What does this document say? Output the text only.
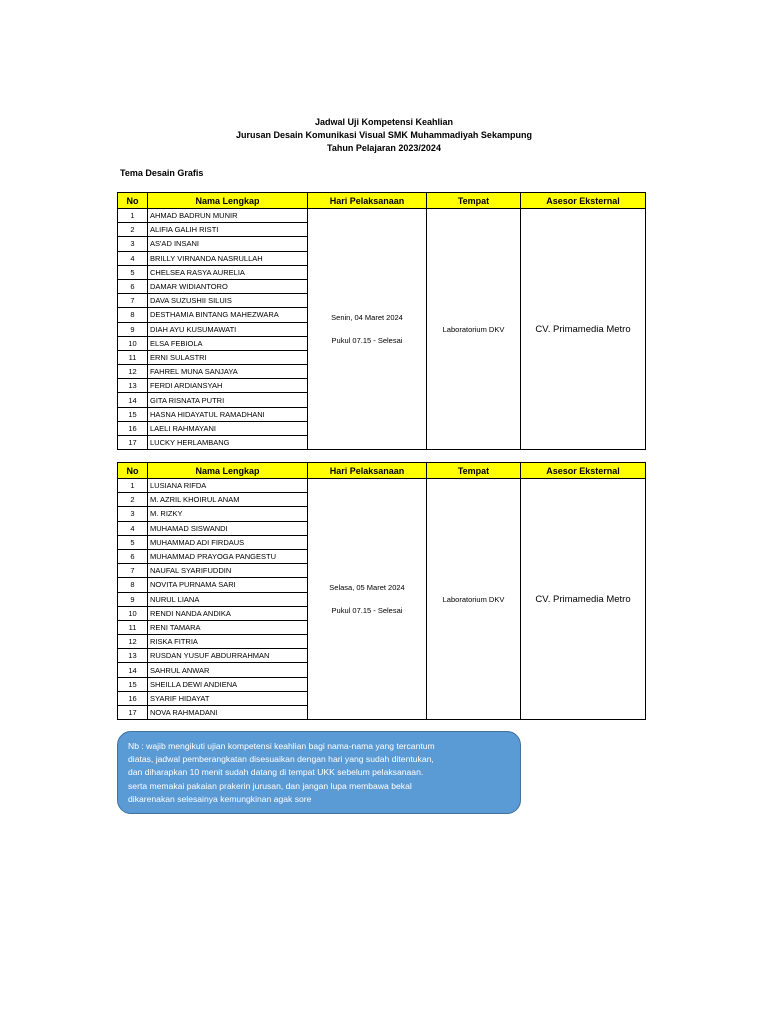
Jadwal Uji Kompetensi Keahlian
Jurusan Desain Komunikasi Visual SMK Muhammadiyah Sekampung
Tahun Pelajaran 2023/2024
Tema Desain Grafis
No	Nama Lengkap	Hari Pelaksanaan	Tempat	Asesor Eksternal
1	AHMAD BADRUN MUNIR	Senin, 04 Maret 2024
Pukul 07.15 - Selesai	Laboratorium DKV	CV. Primamedia Metro
2	ALIFIA GALIH RISTI			
3	AS'AD INSANI			
4	BRILLY VIRNANDA NASRULLAH			
5	CHELSEA RASYA AURELIA			
6	DAMAR WIDIANTORO			
7	DAVA SUZUSHII SILUIS			
8	DESTHAMIA BINTANG MAHEZWARA			
9	DIAH AYU KUSUMAWATI			
10	ELSA FEBIOLA			
11	ERNI SULASTRI			
12	FAHREL MUNA SANJAYA			
13	FERDI ARDIANSYAH			
14	GITA RISNATA PUTRI			
15	HASNA HIDAYATUL RAMADHANI			
16	LAELI RAHMAYANI			
17	LUCKY HERLAMBANG			
No	Nama Lengkap	Hari Pelaksanaan	Tempat	Asesor Eksternal
1	LUSIANA RIFDA	Selasa, 05 Maret 2024
Pukul 07.15 - Selesai	Laboratorium DKV	CV. Primamedia Metro
2	M. AZRIL KHOIRUL ANAM			
3	M. RIZKY			
4	MUHAMAD SISWANDI			
5	MUHAMMAD ADI FIRDAUS			
6	MUHAMMAD PRAYOGA PANGESTU			
7	NAUFAL SYARIFUDDIN			
8	NOVITA PURNAMA SARI			
9	NURUL LIANA			
10	RENDI NANDA ANDIKA			
11	RENI TAMARA			
12	RISKA FITRIA			
13	RUSDAN YUSUF ABDURRAHMAN			
14	SAHRUL ANWAR			
15	SHEILLA DEWI ANDIENA			
16	SYARIF HIDAYAT			
17	NOVA RAHMADANI			
Nb : wajib mengikuti ujian kompetensi keahlian bagi nama-nama yang tercantum
diatas, jadwal pemberangkatan disesuaikan dengan hari yang sudah ditentukan,
dan diharapkan 10 menit sudah datang di tempat UKK sebelum pelaksanaan.
serta memakai pakaian prakerin jurusan, dan jangan lupa membawa bekal
dikarenakan selesainya kemungkinan agak sore
